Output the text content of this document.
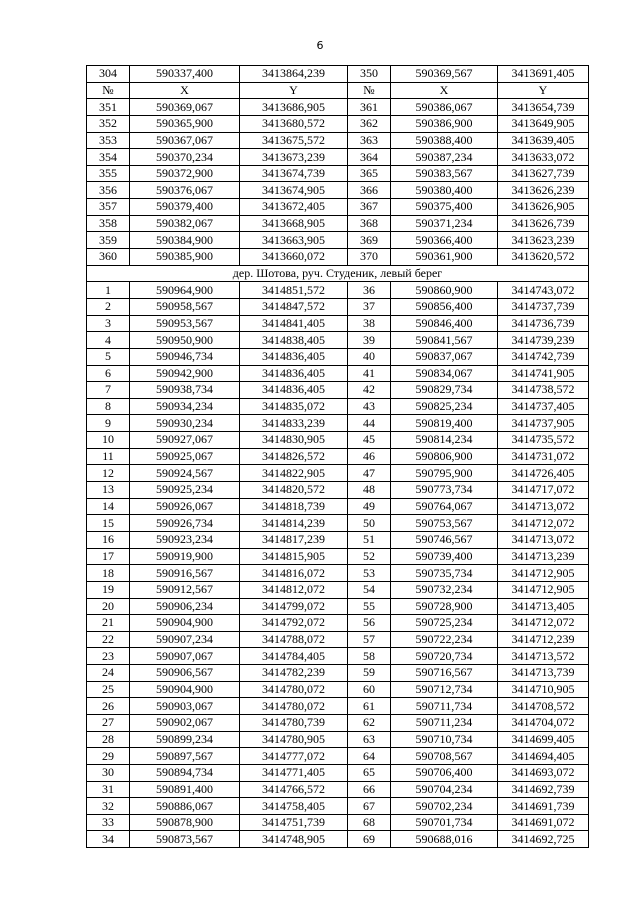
6
304	590337,400	3413864,239	350	590369,567	3413691,405
№	X	Y	№	X	Y
351	590369,067	3413686,905	361	590386,067	3413654,739
352	590365,900	3413680,572	362	590386,900	3413649,905
353	590367,067	3413675,572	363	590388,400	3413639,405
354	590370,234	3413673,239	364	590387,234	3413633,072
355	590372,900	3413674,739	365	590383,567	3413627,739
356	590376,067	3413674,905	366	590380,400	3413626,239
357	590379,400	3413672,405	367	590375,400	3413626,905
358	590382,067	3413668,905	368	590371,234	3413626,739
359	590384,900	3413663,905	369	590366,400	3413623,239
360	590385,900	3413660,072	370	590361,900	3413620,572
дер. Шотова, руч. Студеник, левый берег					
1	590964,900	3414851,572	36	590860,900	3414743,072
2	590958,567	3414847,572	37	590856,400	3414737,739
3	590953,567	3414841,405	38	590846,400	3414736,739
4	590950,900	3414838,405	39	590841,567	3414739,239
5	590946,734	3414836,405	40	590837,067	3414742,739
6	590942,900	3414836,405	41	590834,067	3414741,905
7	590938,734	3414836,405	42	590829,734	3414738,572
8	590934,234	3414835,072	43	590825,234	3414737,405
9	590930,234	3414833,239	44	590819,400	3414737,905
10	590927,067	3414830,905	45	590814,234	3414735,572
11	590925,067	3414826,572	46	590806,900	3414731,072
12	590924,567	3414822,905	47	590795,900	3414726,405
13	590925,234	3414820,572	48	590773,734	3414717,072
14	590926,067	3414818,739	49	590764,067	3414713,072
15	590926,734	3414814,239	50	590753,567	3414712,072
16	590923,234	3414817,239	51	590746,567	3414713,072
17	590919,900	3414815,905	52	590739,400	3414713,239
18	590916,567	3414816,072	53	590735,734	3414712,905
19	590912,567	3414812,072	54	590732,234	3414712,905
20	590906,234	3414799,072	55	590728,900	3414713,405
21	590904,900	3414792,072	56	590725,234	3414712,072
22	590907,234	3414788,072	57	590722,234	3414712,239
23	590907,067	3414784,405	58	590720,734	3414713,572
24	590906,567	3414782,239	59	590716,567	3414713,739
25	590904,900	3414780,072	60	590712,734	3414710,905
26	590903,067	3414780,072	61	590711,734	3414708,572
27	590902,067	3414780,739	62	590711,234	3414704,072
28	590899,234	3414780,905	63	590710,734	3414699,405
29	590897,567	3414777,072	64	590708,567	3414694,405
30	590894,734	3414771,405	65	590706,400	3414693,072
31	590891,400	3414766,572	66	590704,234	3414692,739
32	590886,067	3414758,405	67	590702,234	3414691,739
33	590878,900	3414751,739	68	590701,734	3414691,072
34	590873,567	3414748,905	69	590688,016	3414692,725
